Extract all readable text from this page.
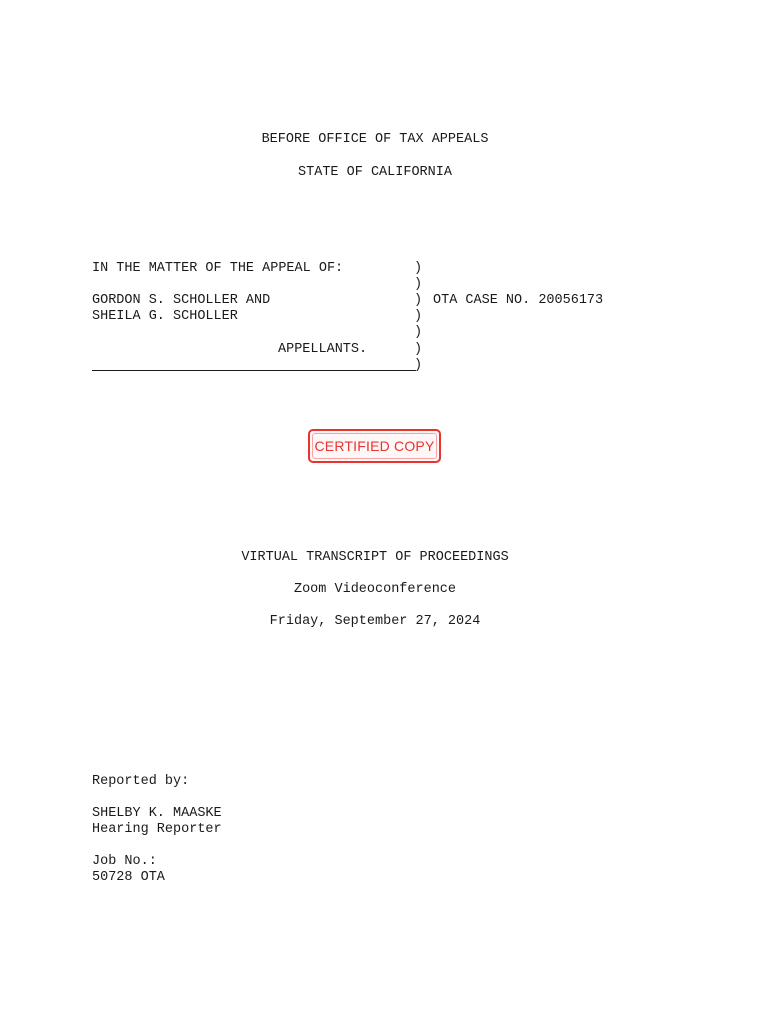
BEFORE OFFICE OF TAX APPEALS
STATE OF CALIFORNIA
IN THE MATTER OF THE APPEAL OF:
GORDON S. SCHOLLER AND
SHEILA G. SCHOLLER
APPELLANTS.
)
)
)
)
)
)
)
OTA CASE NO. 20056173
CERTIFIED COPY
VIRTUAL TRANSCRIPT OF PROCEEDINGS
Zoom Videoconference
Friday, September 27, 2024
Reported by:
SHELBY K. MAASKE
Hearing Reporter
Job No.:
50728 OTA
